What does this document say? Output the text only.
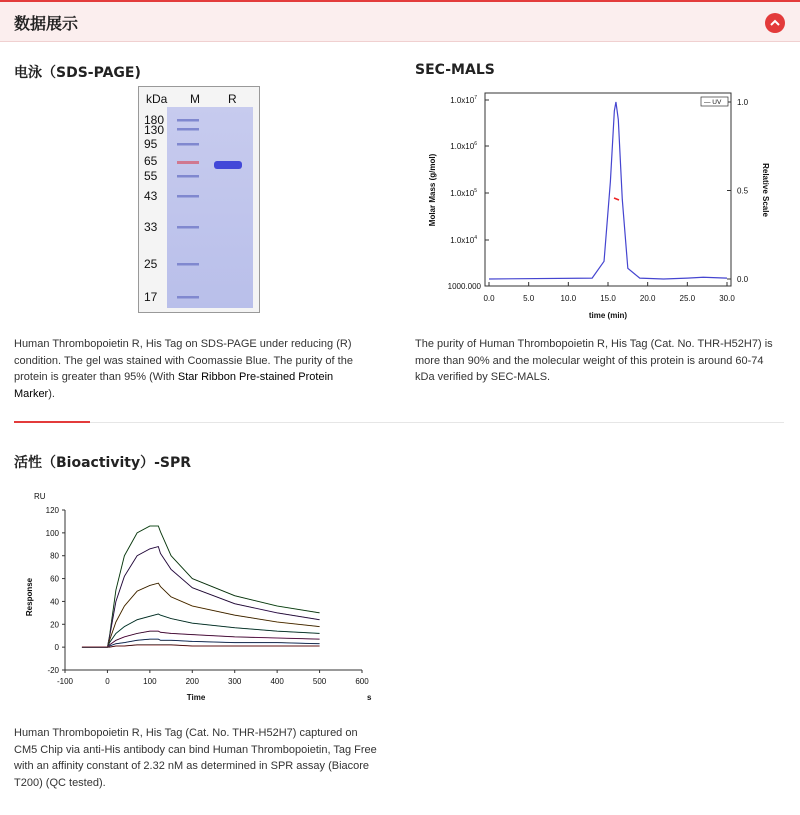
数据展示
电泳（SDS-PAGE)
kDa M R
180
130
95
65
55
43
33
25
17
Human Thrombopoietin R, His Tag on SDS-PAGE under reducing (R) condition. The gel was stained with Coomassie Blue. The purity of the protein is greater than 95% (With Star Ribbon Pre-stained Protein Marker).
SEC-MALS
0.0	5.0	10.0	15.0	20.0	25.0	30.0
$1.0x10^7$
$1.0x10^6$
$1.0x10^5$
$1.0x10^4$
1000.000
1.0
0.5
0.0
Molar Mass (g/mol)	Relative Scale
time (min)
— UV
The purity of Human Thrombopoietin R, His Tag (Cat. No. THR-H52H7) is more than 90% and the molecular weight of this protein is around 60-74 kDa verified by SEC-MALS.
活性（Bioactivity）-SPR
120
100
80
60
40
20
0
-20
-100	0	100	200	300	400	500	600
RU
s
Response
Time
Human Thrombopoietin R, His Tag (Cat. No. THR-H52H7) captured on CM5 Chip via anti-His antibody can bind Human Thrombopoietin, Tag Free with an affinity constant of 2.32 nM as determined in SPR assay (Biacore T200) (QC tested).
